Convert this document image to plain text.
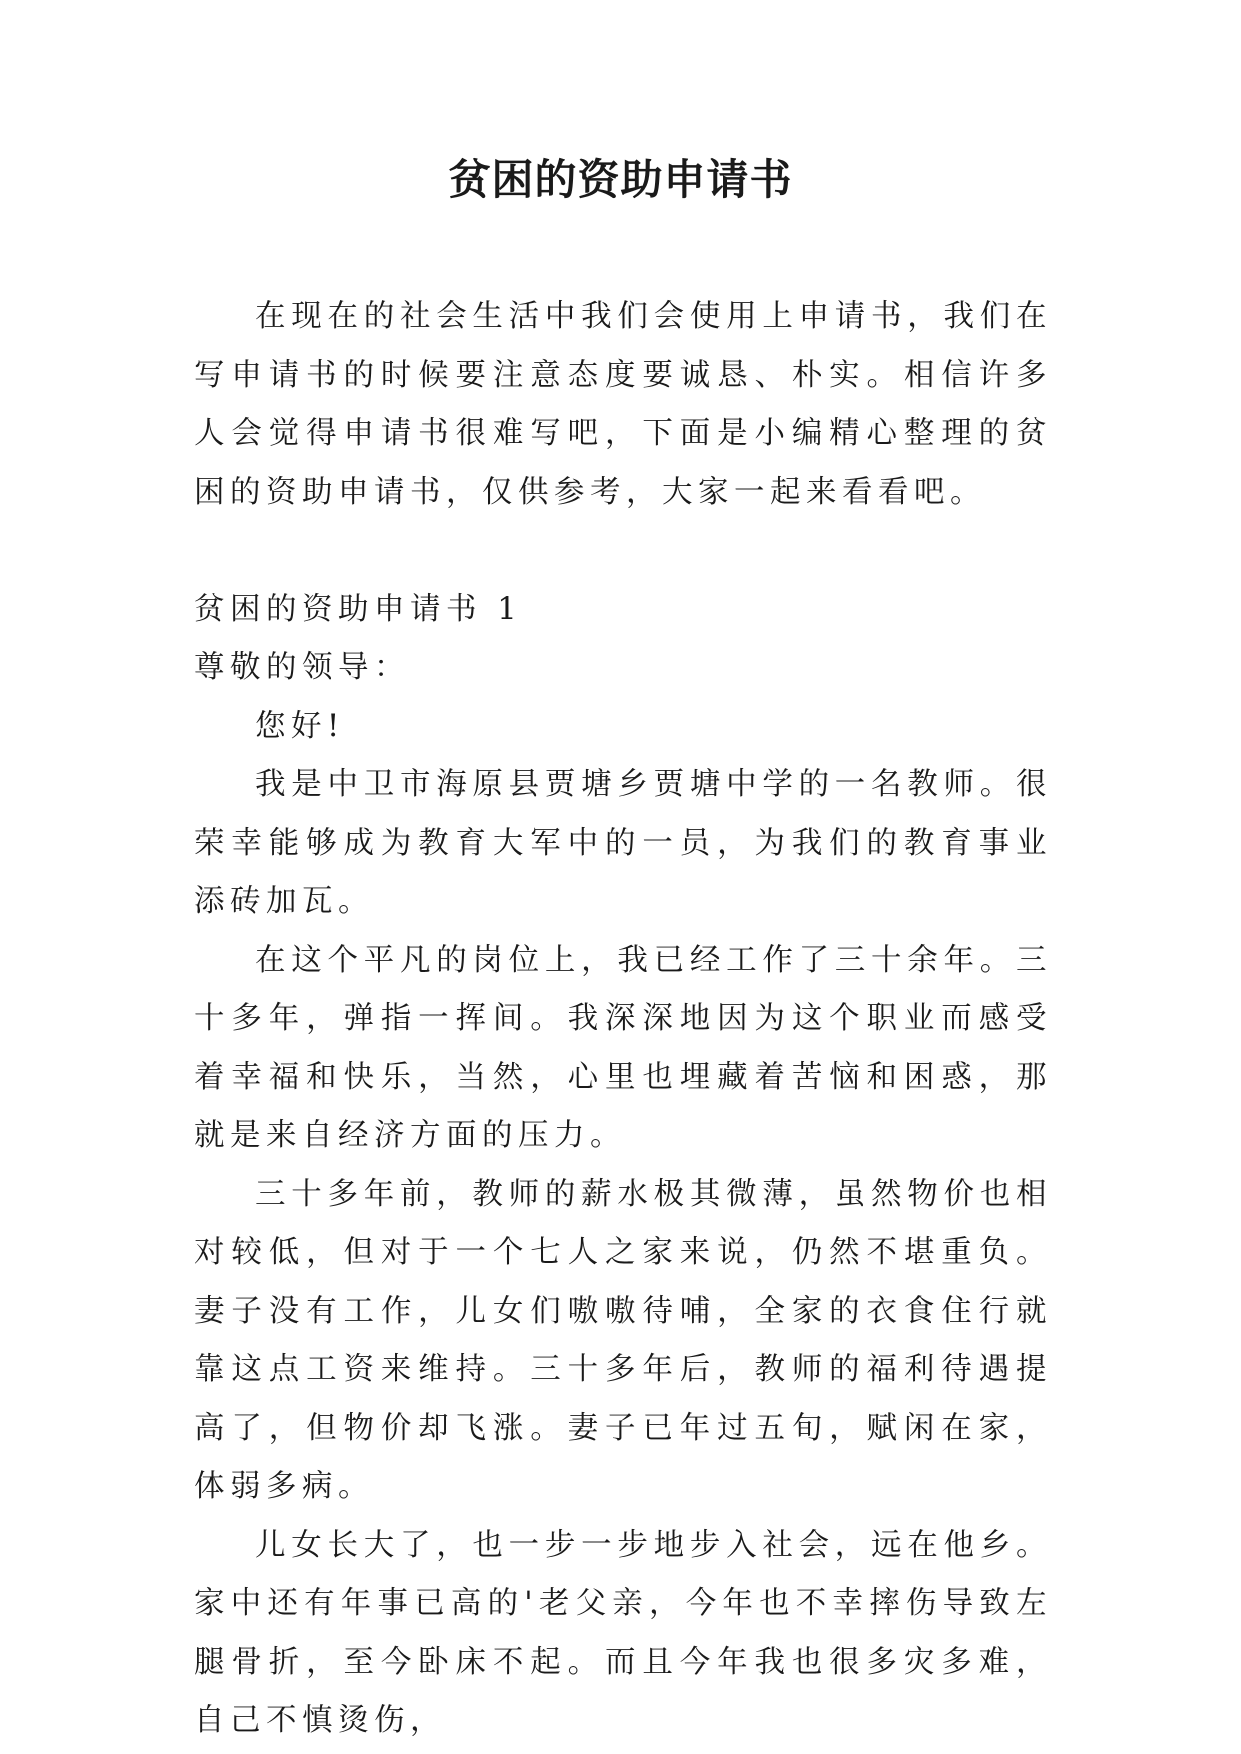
贫困的资助申请书

在现在的社会生活中我们会使用上申请书，我们在写申请书的时候要注意态度要诚恳、朴实。相信许多人会觉得申请书很难写吧，下面是小编精心整理的贫困的资助申请书，仅供参考，大家一起来看看吧。

贫困的资助申请书 1

尊敬的领导：

您好!

我是中卫市海原县贾塘乡贾塘中学的一名教师。很荣幸能够成为教育大军中的一员，为我们的教育事业添砖加瓦。

在这个平凡的岗位上，我已经工作了三十余年。三十多年，弹指一挥间。我深深地因为这个职业而感受着幸福和快乐，当然，心里也埋藏着苦恼和困惑，那就是来自经济方面的压力。

三十多年前，教师的薪水极其微薄，虽然物价也相对较低，但对于一个七人之家来说，仍然不堪重负。妻子没有工作，儿女们嗷嗷待哺，全家的衣食住行就靠这点工资来维持。三十多年后，教师的福利待遇提高了，但物价却飞涨。妻子已年过五旬，赋闲在家，体弱多病。

儿女长大了，也一步一步地步入社会，远在他乡。家中还有年事已高的'老父亲，今年也不幸摔伤导致左腿骨折，至今卧床不起。而且今年我也很多灾多难，自己不慎烫伤，
